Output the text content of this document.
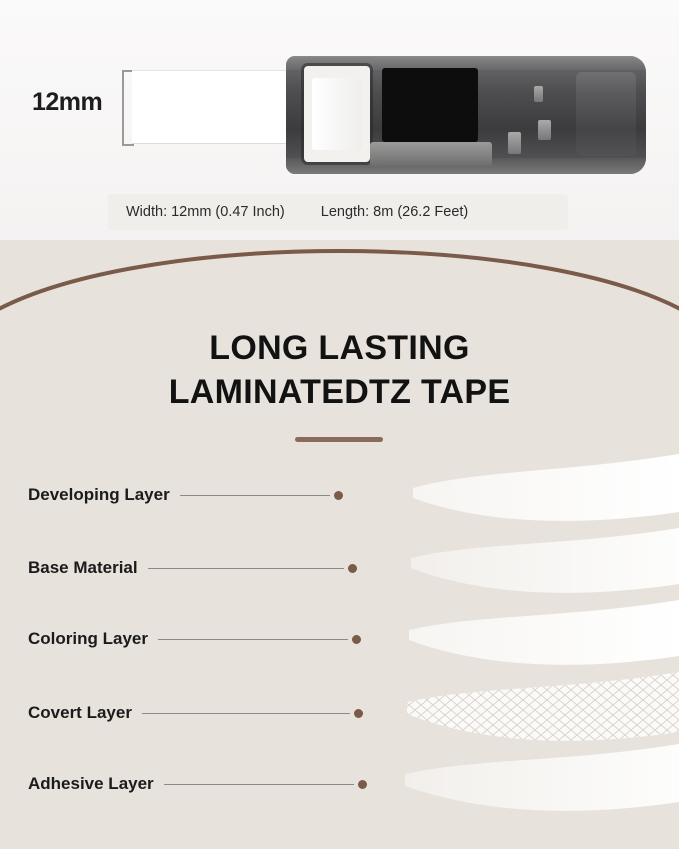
12mm
Width: 12mm (0.47 Inch)	Length: 8m (26.2 Feet)
LONG LASTING
LAMINATEDTZ TAPE
Developing Layer
Base Material
Coloring Layer
Covert Layer
Adhesive Layer
